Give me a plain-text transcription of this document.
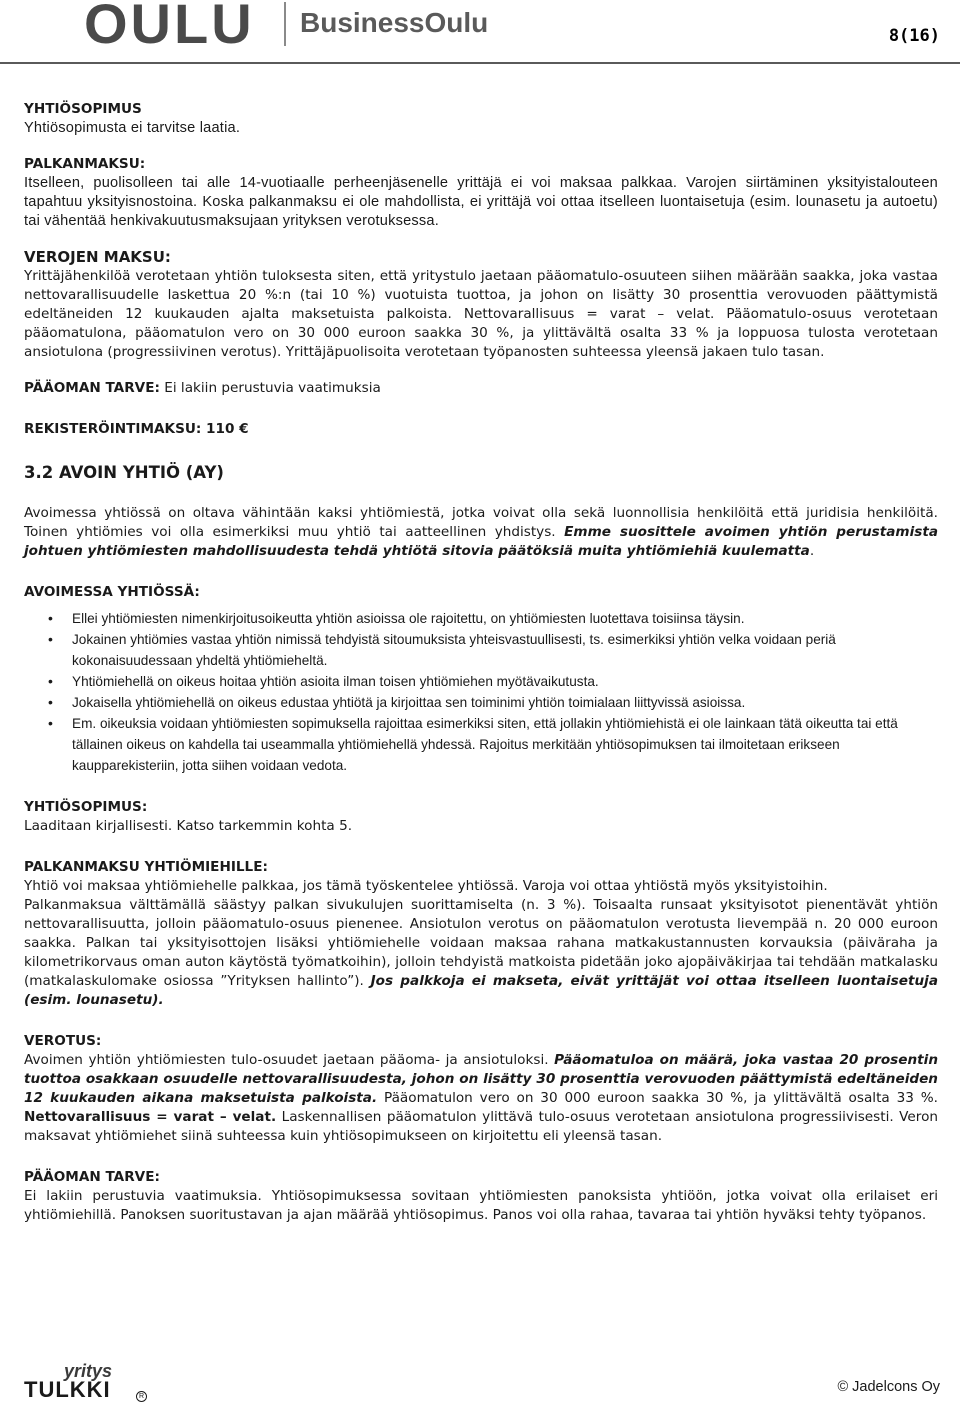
OULU BusinessOulu	8(16)

YHTIÖSOPIMUS

Yhtiösopimusta ei tarvitse laatia.

PALKANMAKSU:

Itselleen, puolisolleen tai alle 14-vuotiaalle perheenjäsenelle yrittäjä ei voi maksaa palkkaa. Varojen siirtäminen yksityistalouteen tapahtuu yksityisnostoina. Koska palkanmaksu ei ole mahdollista, ei yrittäjä voi ottaa itselleen luontaisetuja (esim. lounasetu ja autoetu) tai vähentää henkivakuutusmaksujaan yrityksen verotuksessa.

VEROJEN MAKSU:

Yrittäjähenkilöä verotetaan yhtiön tuloksesta siten, että yritystulo jaetaan pääomatulo-osuuteen siihen määrään saakka, joka vastaa nettovarallisuudelle laskettua 20 %:n (tai 10 %) vuotuista tuottoa, ja johon on lisätty 30 prosenttia verovuoden päättymistä edeltäneiden 12 kuukauden ajalta maksetuista palkoista. Nettovarallisuus = varat – velat. Pääomatulo-osuus verotetaan pääomatulona, pääomatulon vero on 30 000 euroon saakka 30 %, ja ylittävältä osalta 33 % ja loppuosa tulosta verotetaan ansiotulona (progressiivinen verotus). Yrittäjäpuolisoita verotetaan työpanosten suhteessa yleensä jakaen tulo tasan.

PÄÄOMAN TARVE: Ei lakiin perustuvia vaatimuksia

REKISTERÖINTIMAKSU: 110 €

3.2 AVOIN YHTIÖ (AY)

Avoimessa yhtiössä on oltava vähintään kaksi yhtiömiestä, jotka voivat olla sekä luonnollisia henkilöitä että juridisia henkilöitä. Toinen yhtiömies voi olla esimerkiksi muu yhtiö tai aatteellinen yhdistys. Emme suosittele avoimen yhtiön perustamista johtuen yhtiömiesten mahdollisuudesta tehdä yhtiötä sitovia päätöksiä muita yhtiömiehiä kuulematta.

AVOIMESSA YHTIÖSSÄ:

• Ellei yhtiömiesten nimenkirjoitusoikeutta yhtiön asioissa ole rajoitettu, on yhtiömiesten luotettava toisiinsa täysin.
• Jokainen yhtiömies vastaa yhtiön nimissä tehdyistä sitoumuksista yhteisvastuullisesti, ts. esimerkiksi yhtiön velka voidaan periä kokonaisuudessaan yhdeltä yhtiömieheltä.
• Yhtiömiehellä on oikeus hoitaa yhtiön asioita ilman toisen yhtiömiehen myötävaikutusta.
• Jokaisella yhtiömiehellä on oikeus edustaa yhtiötä ja kirjoittaa sen toiminimi yhtiön toimialaan liittyvissä asioissa.
• Em. oikeuksia voidaan yhtiömiesten sopimuksella rajoittaa esimerkiksi siten, että jollakin yhtiömiehistä ei ole lainkaan tätä oikeutta tai että tällainen oikeus on kahdella tai useammalla yhtiömiehellä yhdessä. Rajoitus merkitään yhtiösopimuksen tai ilmoitetaan erikseen kaupparekisteriin, jotta siihen voidaan vedota.

YHTIÖSOPIMUS:

Laaditaan kirjallisesti. Katso tarkemmin kohta 5.

PALKANMAKSU YHTIÖMIEHILLE:

Yhtiö voi maksaa yhtiömiehelle palkkaa, jos tämä työskentelee yhtiössä. Varoja voi ottaa yhtiöstä myös yksityistoihin.

Palkanmaksua välttämällä säästyy palkan sivukulujen suorittamiselta (n. 3 %). Toisaalta runsaat yksityisotot pienentävät yhtiön nettovarallisuutta, jolloin pääomatulo-osuus pienenee. Ansiotulon verotus on pääomatulon verotusta lievempää n. 20 000 euroon saakka. Palkan tai yksityisottojen lisäksi yhtiömiehelle voidaan maksaa rahana matkakustannusten korvauksia (päiväraha ja kilometrikorvaus oman auton käytöstä työmatkoihin), jolloin tehdyistä matkoista pidetään joko ajopäiväkirjaa tai tehdään matkalasku (matkalaskulomake osiossa ”Yrityksen hallinto”). Jos palkkoja ei makseta, eivät yrittäjät voi ottaa itselleen luontaisetuja (esim. lounasetu).

VEROTUS:

Avoimen yhtiön yhtiömiesten tulo-osuudet jaetaan pääoma- ja ansiotuloksi. Pääomatuloa on määrä, joka vastaa 20 prosentin tuottoa osakkaan osuudelle nettovarallisuudesta, johon on lisätty 30 prosenttia verovuoden päättymistä edeltäneiden 12 kuukauden aikana maksetuista palkoista. Pääomatulon vero on 30 000 euroon saakka 30 %, ja ylittävältä osalta 33 %. Nettovarallisuus = varat – velat. Laskennallisen pääomatulon ylittävä tulo-osuus verotetaan ansiotulona progressiivisesti. Veron maksavat yhtiömiehet siinä suhteessa kuin yhtiösopimukseen on kirjoitettu eli yleensä tasan.

PÄÄOMAN TARVE:

Ei lakiin perustuvia vaatimuksia. Yhtiösopimuksessa sovitaan yhtiömiesten panoksista yhtiöön, jotka voivat olla erilaiset eri yhtiömiehillä. Panoksen suoritustavan ja ajan määrää yhtiösopimus. Panos voi olla rahaa, tavaraa tai yhtiön hyväksi tehty työpanos.

yritys
TULKKI	R
© Jadelcons Oy
